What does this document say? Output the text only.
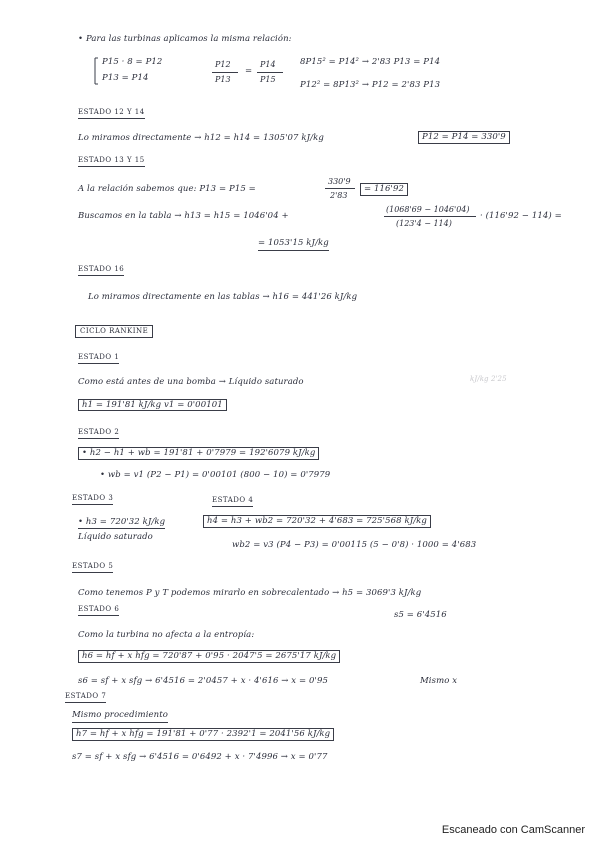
• Para las turbinas aplicamos la misma relación:
P15 · 8 = P12
P13 = P14
P12
P13
=
P14
P15
8P15² = P14² → 2'83 P13 = P14
P12² = 8P13² → P12 = 2'83 P13
ESTADO 12 Y 14
Lo miramos directamente → h12 = h14 = 1305'07 kJ/kg	P12 = P14 = 330'9
ESTADO 13 Y 15
A la relación sabemos que: P13 = P15 =
330'9
2'83
= 116'92
Buscamos en la tabla → h13 = h15 = 1046'04 +
(1068'69 − 1046'04)
(123'4 − 114)
· (116'92 − 114) =
= 1053'15 kJ/kg
ESTADO 16
Lo miramos directamente en las tablas → h16 = 441'26 kJ/kg
CICLO RANKINE
ESTADO 1
Como está antes de una bomba → Líquido saturado	kJ/kg 2'25
h1 = 191'81 kJ/kg v1 = 0'00101
ESTADO 2
• h2 − h1 + wb = 191'81 + 0'7979 = 192'6079 kJ/kg
• wb = v1 (P2 − P1) = 0'00101 (800 − 10) = 0'7979
ESTADO 3
• h3 = 720'32 kJ/kg
Líquido saturado
ESTADO 4
h4 = h3 + wb2 = 720'32 + 4'683 = 725'568 kJ/kg
wb2 = v3 (P4 − P3) = 0'00115 (5 − 0'8) · 1000 = 4'683
ESTADO 5
Como tenemos P y T podemos mirarlo en sobrecalentado → h5 = 3069'3 kJ/kg
s5 = 6'4516
ESTADO 6
Como la turbina no afecta a la entropía:
h6 = hf + x hfg = 720'87 + 0'95 · 2047'5 = 2675'17 kJ/kg
s6 = sf + x sfg → 6'4516 = 2'0457 + x · 4'616 → x = 0'95	Mismo x
ESTADO 7
Mismo procedimiento
h7 = hf + x hfg = 191'81 + 0'77 · 2392'1 = 2041'56 kJ/kg
s7 = sf + x sfg → 6'4516 = 0'6492 + x · 7'4996 → x = 0'77
Escaneado con CamScanner
